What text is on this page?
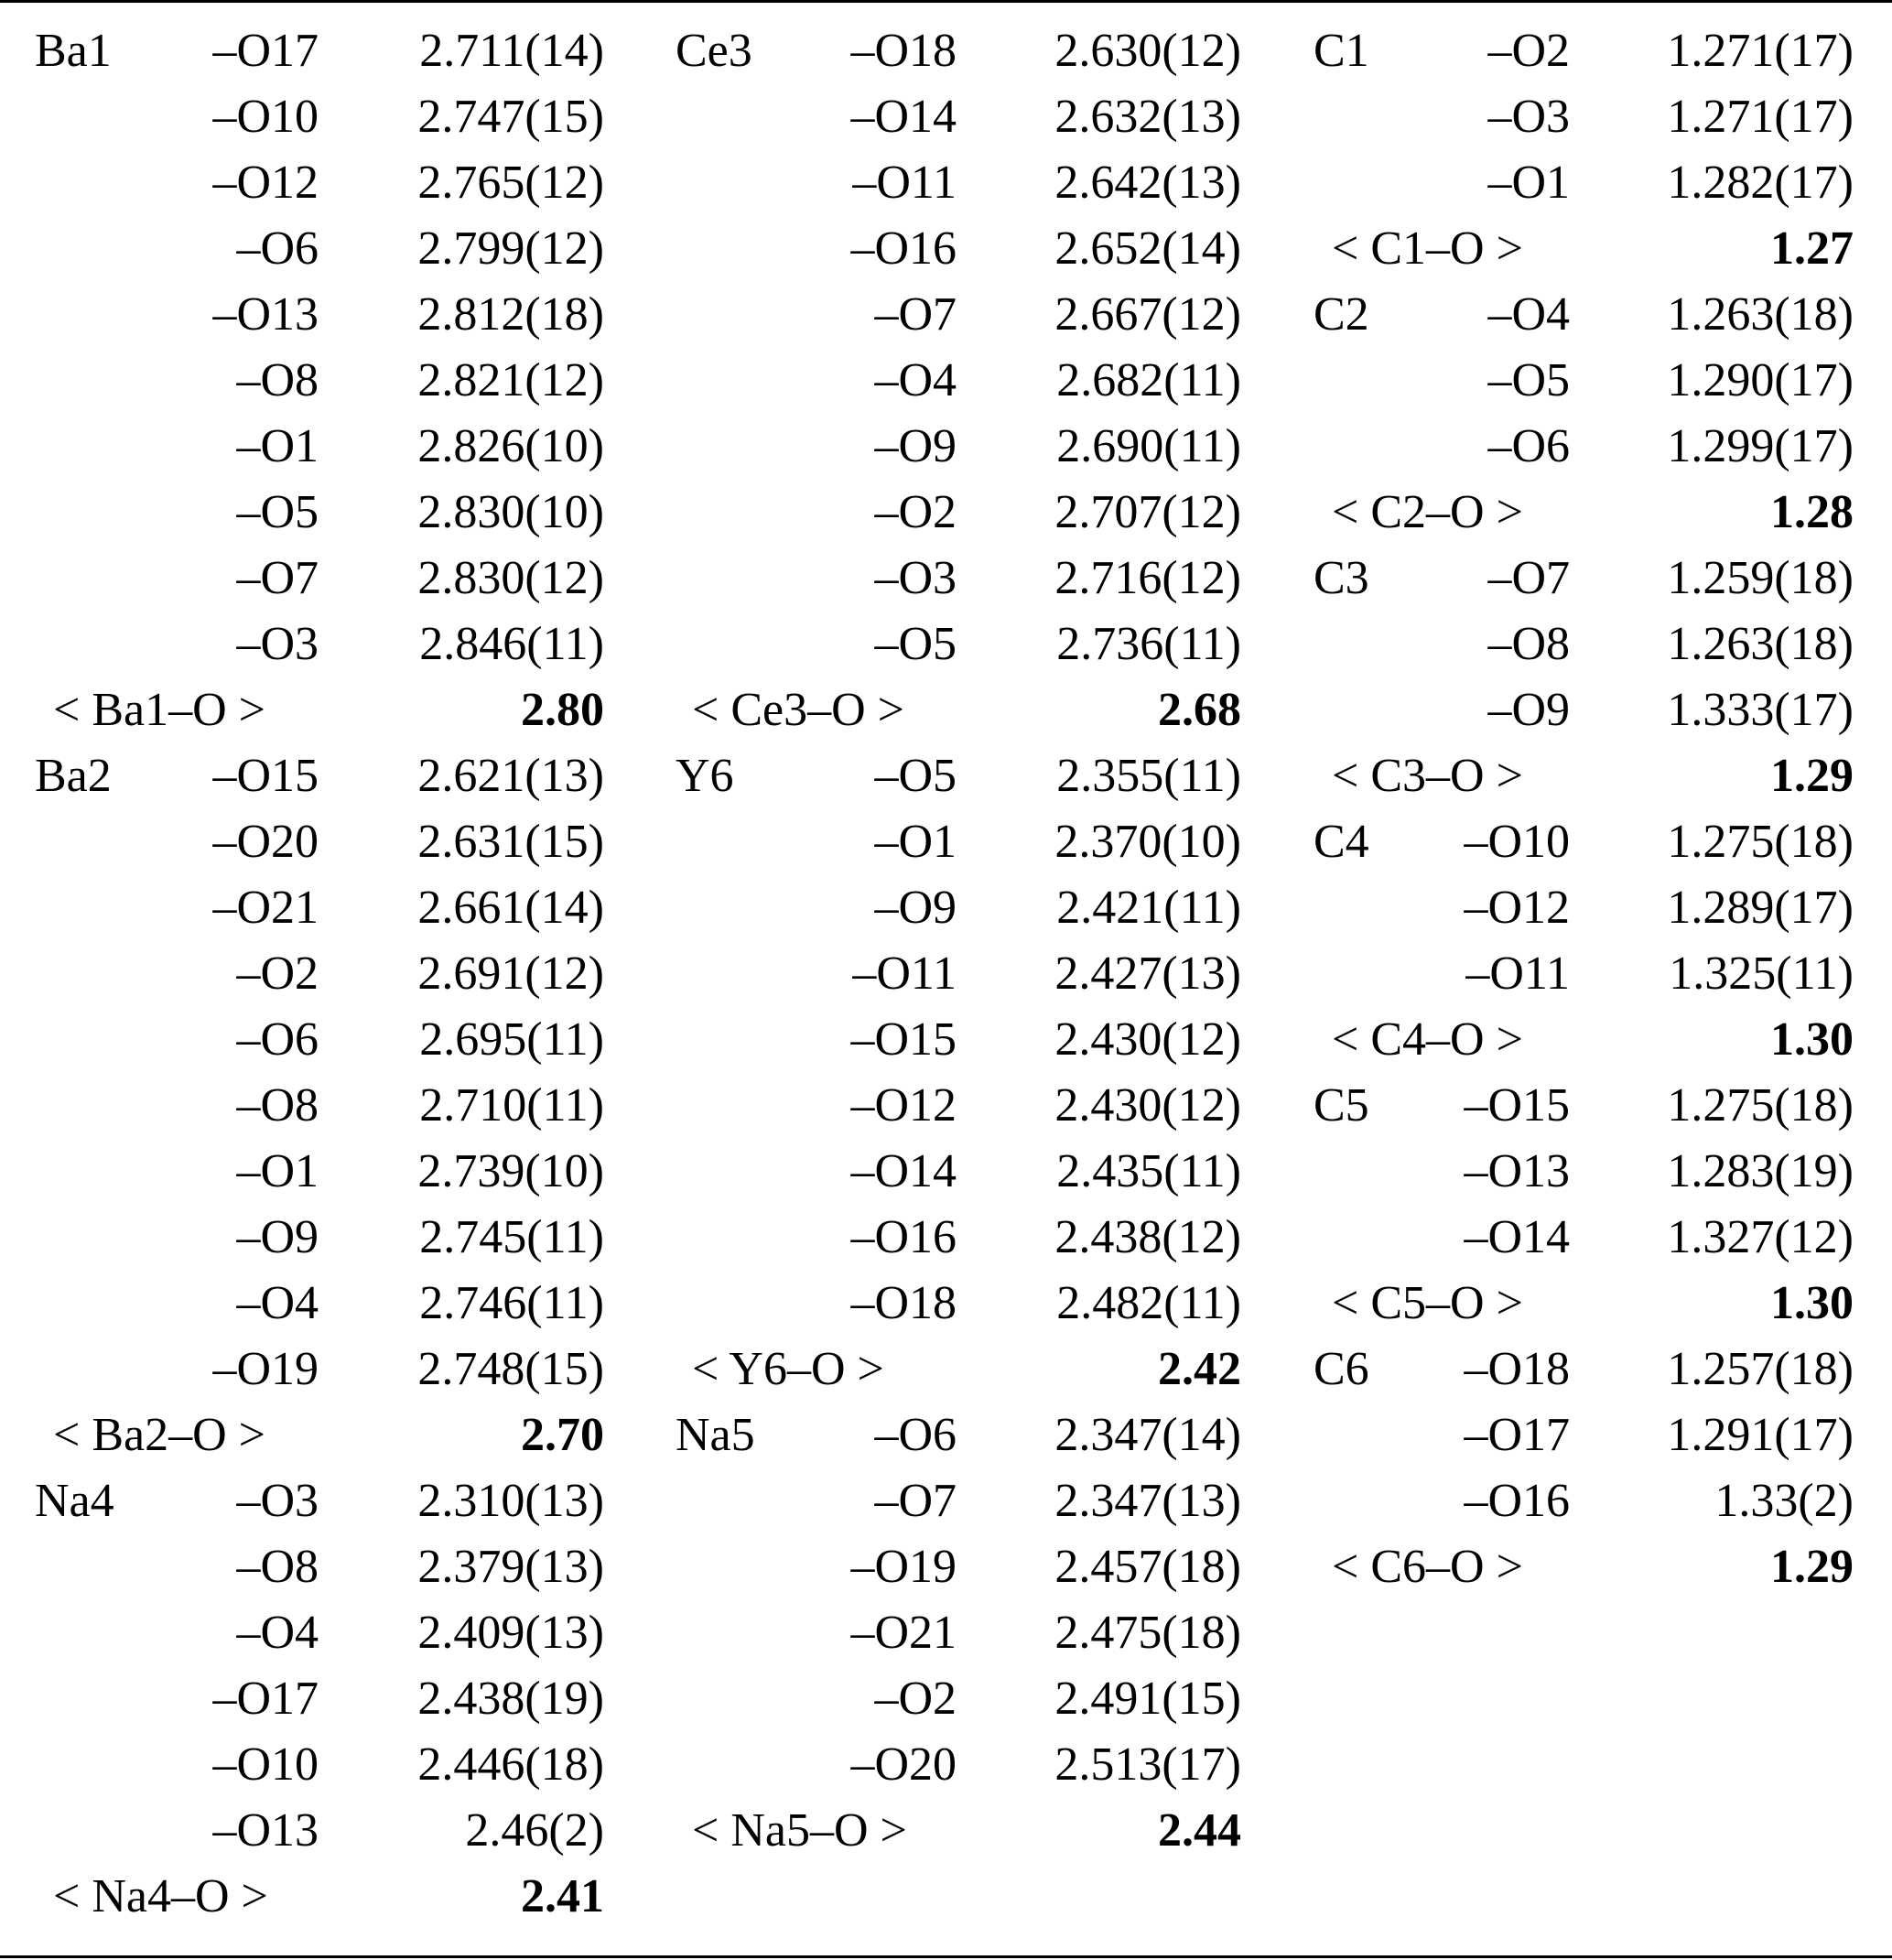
Ba1 –O17 2.711(14)
–O10 2.747(15)
–O12 2.765(12)
–O6 2.799(12)
–O13 2.812(18)
–O8 2.821(12)
–O1 2.826(10)
–O5 2.830(10)
–O7 2.830(12)
–O3 2.846(11)
< Ba1–O >	2.80
Ba2 –O15 2.621(13)
–O20 2.631(15)
–O21 2.661(14)
–O2 2.691(12)
–O6 2.695(11)
–O8 2.710(11)
–O1 2.739(10)
–O9 2.745(11)
–O4 2.746(11)
–O19 2.748(15)
< Ba2–O >	2.70
Na4	–O3 2.310(13)
–O8 2.379(13)
–O4 2.409(13)
–O17 2.438(19)
–O10 2.446(18)
–O13	2.46(2)
< Na4–O >	2.41
Ce3 –O18 2.630(12)
–O14 2.632(13)
–O11 2.642(13)
–O16 2.652(14)
–O7 2.667(12)
–O4 2.682(11)
–O9 2.690(11)
–O2 2.707(12)
–O3 2.716(12)
–O5 2.736(11)
< Ce3–O >	2.68
Y6	–O5 2.355(11)
–O1 2.370(10)
–O9 2.421(11)
–O11 2.427(13)
–O15 2.430(12)
–O12 2.430(12)
–O14 2.435(11)
–O16 2.438(12)
–O18 2.482(11)
< Y6–O >	2.42
Na5	–O6 2.347(14)
–O7 2.347(13)
–O19 2.457(18)
–O21 2.475(18)
–O2 2.491(15)
–O20 2.513(17)
< Na5–O >	2.44
C1 –O2 1.271(17)
–O3 1.271(17)
–O1 1.282(17)
< C1–O >	1.27
C2 –O4 1.263(18)
–O5 1.290(17)
–O6 1.299(17)
< C2–O >	1.28
C3 –O7 1.259(18)
–O8 1.263(18)
–O9 1.333(17)
< C3–O >	1.29
C4 –O10 1.275(18)
–O12 1.289(17)
–O11 1.325(11)
< C4–O >	1.30
C5 –O15 1.275(18)
–O13 1.283(19)
–O14 1.327(12)
< C5–O >	1.30
C6 –O18 1.257(18)
–O17 1.291(17)
–O16	1.33(2)
< C6–O >	1.29
